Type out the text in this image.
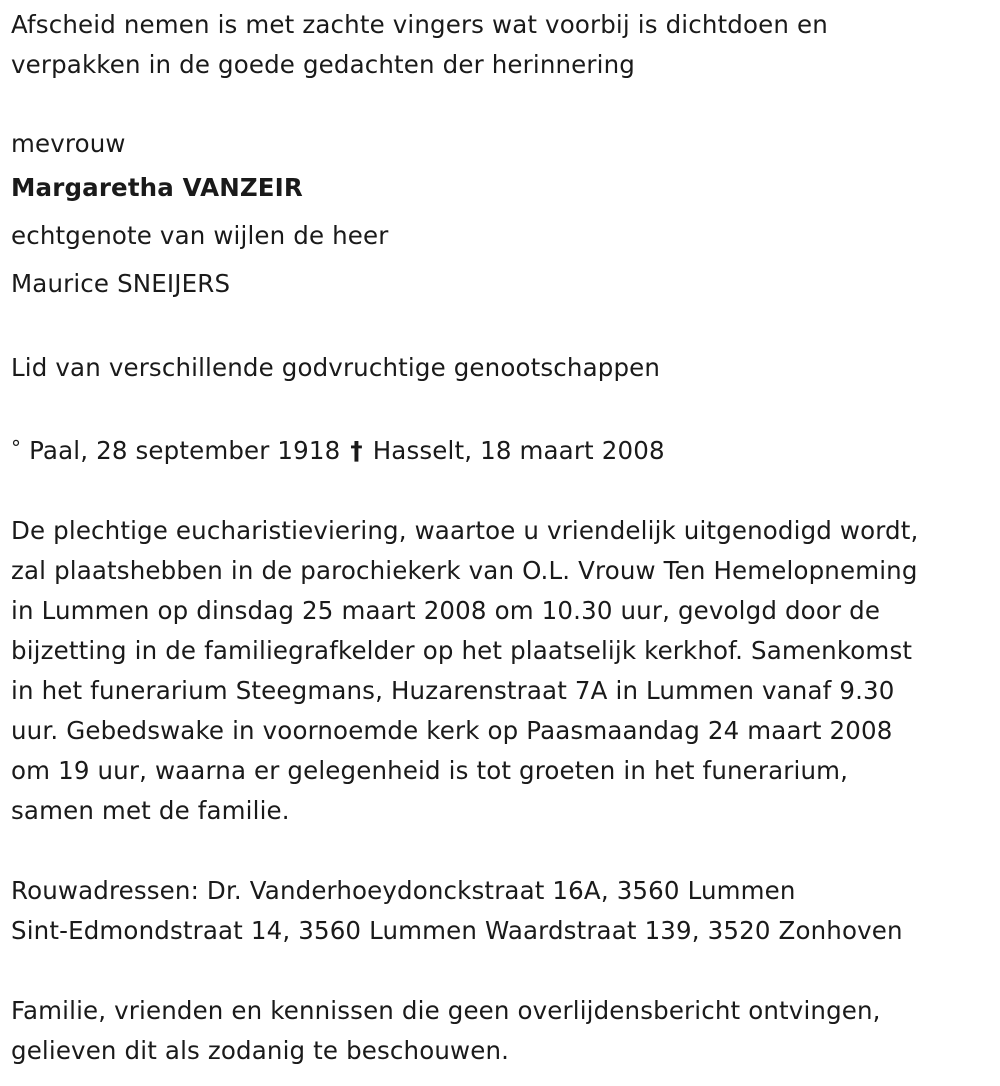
Afscheid nemen is met zachte vingers wat voorbij is dichtdoen en
verpakken in de goede gedachten der herinnering
mevrouw
Margaretha VANZEIR
echtgenote van wijlen de heer
Maurice SNEIJERS
Lid van verschillende godvruchtige genootschappen
° Paal, 28 september 1918 † Hasselt, 18 maart 2008
De plechtige eucharistieviering, waartoe u vriendelijk uitgenodigd wordt,
zal plaatshebben in de parochiekerk van O.L. Vrouw Ten Hemelopneming
in Lummen op dinsdag 25 maart 2008 om 10.30 uur, gevolgd door de
bijzetting in de familiegrafkelder op het plaatselijk kerkhof. Samenkomst
in het funerarium Steegmans, Huzarenstraat 7A in Lummen vanaf 9.30
uur. Gebedswake in voornoemde kerk op Paasmaandag 24 maart 2008
om 19 uur, waarna er gelegenheid is tot groeten in het funerarium,
samen met de familie.
Rouwadressen: Dr. Vanderhoeydonckstraat 16A, 3560 Lummen
Sint-Edmondstraat 14, 3560 Lummen Waardstraat 139, 3520 Zonhoven
Familie, vrienden en kennissen die geen overlijdensbericht ontvingen,
gelieven dit als zodanig te beschouwen.
